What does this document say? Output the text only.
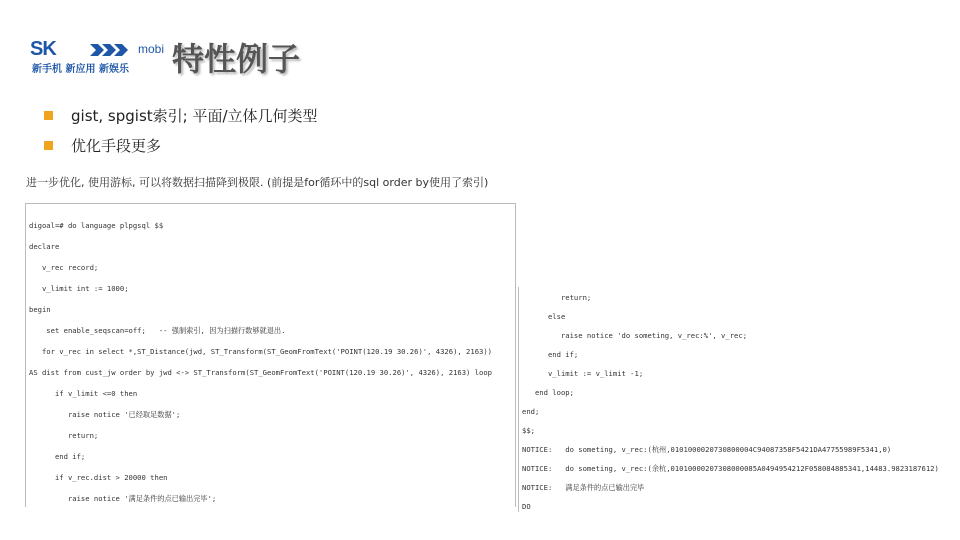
SK	mobi
新手机 新应用 新娱乐 特性例子
gist, spgist索引; 平面/立体几何类型
优化手段更多
进一步优化, 使用游标, 可以将数据扫描降到极限. (前提是for循环中的sql order by使用了索引)
digoal=# do language plpgsql $$
declare
v_rec record;
v_limit int := 1000;
begin
set enable_seqscan=off;   -- 强制索引, 因为扫描行数够就退出.
for v_rec in select *,ST_Distance(jwd, ST_Transform(ST_GeomFromText('POINT(120.19 30.26)', 4326), 2163))
AS dist from cust_jw order by jwd <-> ST_Transform(ST_GeomFromText('POINT(120.19 30.26)', 4326), 2163) loop
if v_limit <=0 then
raise notice '已经取足数据';
return;
end if;
if v_rec.dist > 20000 then
raise notice '满足条件的点已输出完毕';
return;
else
raise notice 'do someting, v_rec:%', v_rec;
end if;
v_limit := v_limit -1;
end loop;
end;
$$;
NOTICE:   do someting, v_rec:(杭州,0101000020730800004C94087358F5421DA47755989F5341,0)
NOTICE:   do someting, v_rec:(余杭,01010000207308000085A0494954212F058084885341,14483.9823187612)
NOTICE:   满足条件的点已输出完毕
DO
